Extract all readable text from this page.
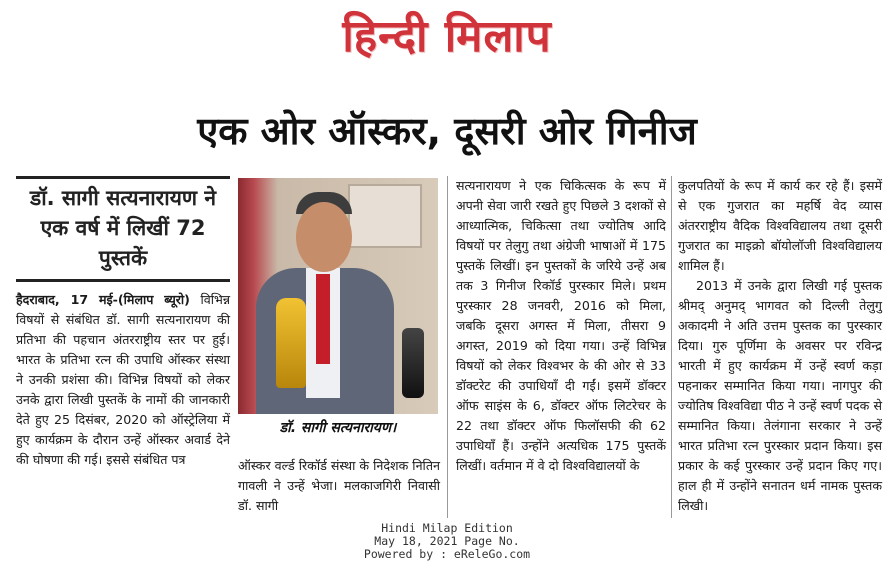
हिन्दी मिलाप
एक ओर ऑस्कर, दूसरी ओर गिनीज
डॉ. सागी सत्यनारायण ने एक वर्ष में लिखीं 72 पुस्तकें

हैदराबाद, 17 मई-(मिलाप ब्यूरो) विभिन्न विषयों से संबंधित डॉ. सागी सत्यनारायण की प्रतिभा की पहचान अंतरराष्ट्रीय स्तर पर हुई। भारत के प्रतिभा रत्न की उपाधि ऑस्कर संस्था ने उनकी प्रशंसा की। विभिन्न विषयों को लेकर उनके द्वारा लिखी पुस्तकें के नामों की जानकारी देते हुए 25 दिसंबर, 2020 को ऑस्ट्रेलिया में हुए कार्यक्रम के दौरान उन्हें ऑस्कर अवार्ड देने की घोषणा की गई। इससे संबंधित पत्र

डॉ. सागी सत्यनारायण।

ऑस्कर वर्ल्ड रिकॉर्ड संस्था के निदेशक नितिन गावली ने उन्हें भेजा। मलकाजगिरी निवासी डॉ. सागी

सत्यनारायण ने एक चिकित्सक के रूप में अपनी सेवा जारी रखते हुए पिछले 3 दशकों से आध्यात्मिक, चिकित्सा तथा ज्योतिष आदि विषयों पर तेलुगु तथा अंग्रेजी भाषाओं में 175 पुस्तकें लिखीं। इन पुस्तकों के जरिये उन्हें अब तक 3 गिनीज रिकॉर्ड पुरस्कार मिले। प्रथम पुरस्कार 28 जनवरी, 2016 को मिला, जबकि दूसरा अगस्त में मिला, तीसरा 9 अगस्त, 2019 को दिया गया। उन्हें विभिन्न विषयों को लेकर विश्वभर के की ओर से 33 डॉक्टरेट की उपाधियाँ दी गईं। इसमें डॉक्टर ऑफ साइंस के 6, डॉक्टर ऑफ लिटरेचर के 22 तथा डॉक्टर ऑफ फिलॉसफी की 62 उपाधियाँ हैं। उन्होंने अत्यधिक 175 पुस्तकें लिखीं। वर्तमान में वे दो विश्वविद्यालयों के

कुलपतियों के रूप में कार्य कर रहे हैं। इसमें से एक गुजरात का महर्षि वेद व्यास अंतरराष्ट्रीय वैदिक विश्वविद्यालय तथा दूसरी गुजरात का माइक्रो बॉयोलॉजी विश्वविद्यालय शामिल हैं।

2013 में उनके द्वारा लिखी गई पुस्तक श्रीमद् अनुमद् भागवत को दिल्ली तेलुगु अकादमी ने अति उत्तम पुस्तक का पुरस्कार दिया। गुरु पूर्णिमा के अवसर पर रविन्द्र भारती में हुए कार्यक्रम में उन्हें स्वर्ण कड़ा पहनाकर सम्मानित किया गया। नागपुर की ज्योतिष विश्वविद्या पीठ ने उन्हें स्वर्ण पदक से सम्मानित किया। तेलंगाना सरकार ने उन्हें भारत प्रतिभा रत्न पुरस्कार प्रदान किया। इस प्रकार के कई पुरस्कार उन्हें प्रदान किए गए। हाल ही में उन्होंने सनातन धर्म नामक पुस्तक लिखी।

Hindi Milap Edition
May 18, 2021 Page No.
Powered by : eReleGo.com
